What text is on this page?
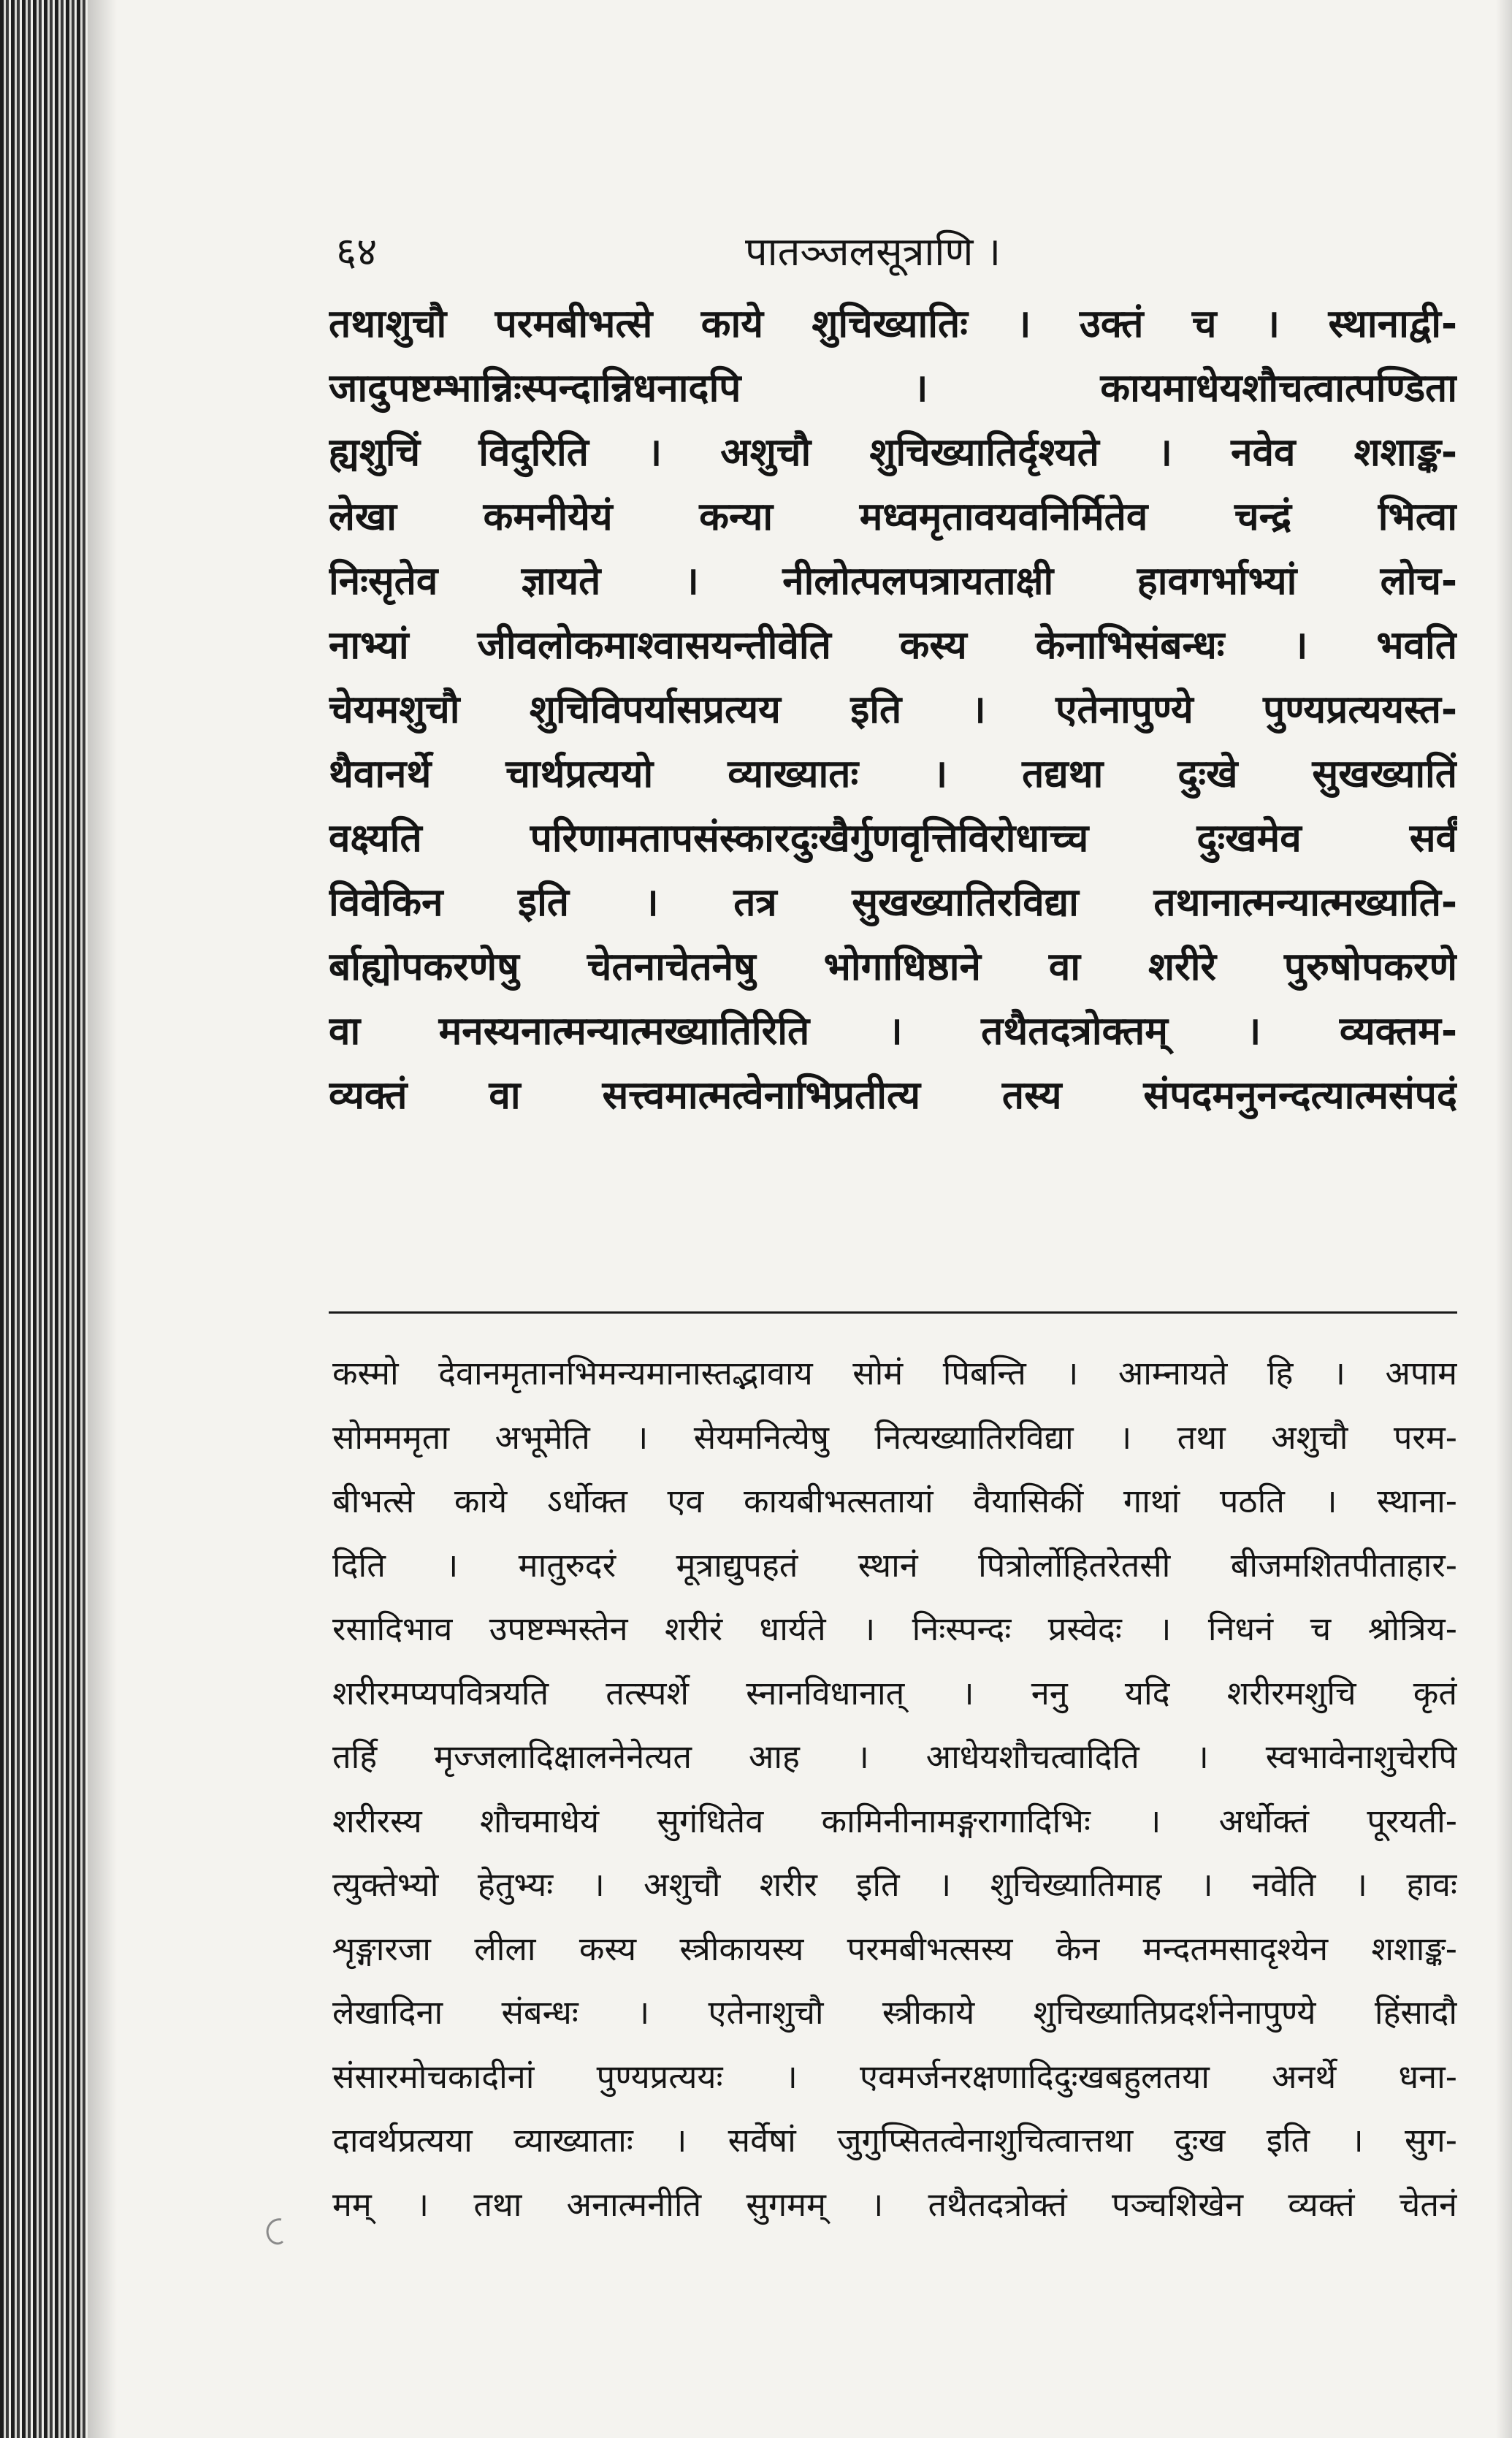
६४	पातञ्जलसूत्राणि ।
तथाशुचौ परमबीभत्से काये शुचिख्यातिः । उक्तं च । स्थानाद्वी-
जादुपष्टम्भान्निःस्पन्दान्निधनादपि । कायमाधेयशौचत्वात्पण्डिता
ह्यशुचिं विदुरिति । अशुचौ शुचिख्यातिर्दृश्यते । नवेव शशाङ्क-
लेखा कमनीयेयं कन्या मध्वमृतावयवनिर्मितेव चन्द्रं भित्वा
निःसृतेव ज्ञायते । नीलोत्पलपत्रायताक्षी हावगर्भाभ्यां लोच-
नाभ्यां जीवलोकमाश्वासयन्तीवेति कस्य केनाभिसंबन्धः । भवति
चेयमशुचौ शुचिविपर्यासप्रत्यय इति । एतेनापुण्ये पुण्यप्रत्ययस्त-
थैवानर्थे चार्थप्रत्ययो व्याख्यातः । तद्यथा दुःखे सुखख्यातिं
वक्ष्यति परिणामतापसंस्कारदुःखैर्गुणवृत्तिविरोधाच्च दुःखमेव सर्वं
विवेकिन इति । तत्र सुखख्यातिरविद्या तथानात्मन्यात्मख्याति-
र्बाह्योपकरणेषु चेतनाचेतनेषु भोगाधिष्ठाने वा शरीरे पुरुषोपकरणे
वा मनस्यनात्मन्यात्मख्यातिरिति । तथैतदत्रोक्तम् । व्यक्तम-
व्यक्तं वा सत्त्वमात्मत्वेनाभिप्रतीत्य तस्य संपदमनुनन्दत्यात्मसंपदं
कस्मो देवानमृतानभिमन्यमानास्तद्भावाय सोमं पिबन्ति । आम्नायते हि । अपाम
सोमममृता अभूमेति । सेयमनित्येषु नित्यख्यातिरविद्या । तथा अशुचौ परम-
बीभत्से काये ऽर्धोक्त एव कायबीभत्सतायां वैयासिकीं गाथां पठति । स्थाना-
दिति । मातुरुदरं मूत्राद्युपहतं स्थानं पित्रोर्लोहितरेतसी बीजमशितपीताहार-
रसादिभाव उपष्टम्भस्तेन शरीरं धार्यते । निःस्पन्दः प्रस्वेदः । निधनं च श्रोत्रिय-
शरीरमप्यपवित्रयति तत्स्पर्शे स्नानविधानात् । ननु यदि शरीरमशुचि कृतं
तर्हि मृज्जलादिक्षालनेनेत्यत आह । आधेयशौचत्वादिति । स्वभावेनाशुचेरपि
शरीरस्य शौचमाधेयं सुगंधितेव कामिनीनामङ्गरागादिभिः । अर्धोक्तं पूरयती-
त्युक्तेभ्यो हेतुभ्यः । अशुचौ शरीर इति । शुचिख्यातिमाह । नवेति । हावः
शृङ्गारजा लीला कस्य स्त्रीकायस्य परमबीभत्सस्य केन मन्दतमसादृश्येन शशाङ्क-
लेखादिना संबन्धः । एतेनाशुचौ स्त्रीकाये शुचिख्यातिप्रदर्शनेनापुण्ये हिंसादौ
संसारमोचकादीनां पुण्यप्रत्ययः । एवमर्जनरक्षणादिदुःखबहुलतया अनर्थे धना-
दावर्थप्रत्यया व्याख्याताः । सर्वेषां जुगुप्सितत्वेनाशुचित्वात्तथा दुःख इति । सुग-
मम् । तथा अनात्मनीति सुगमम् । तथैतदत्रोक्तं पञ्चशिखेन व्यक्तं चेतनं
